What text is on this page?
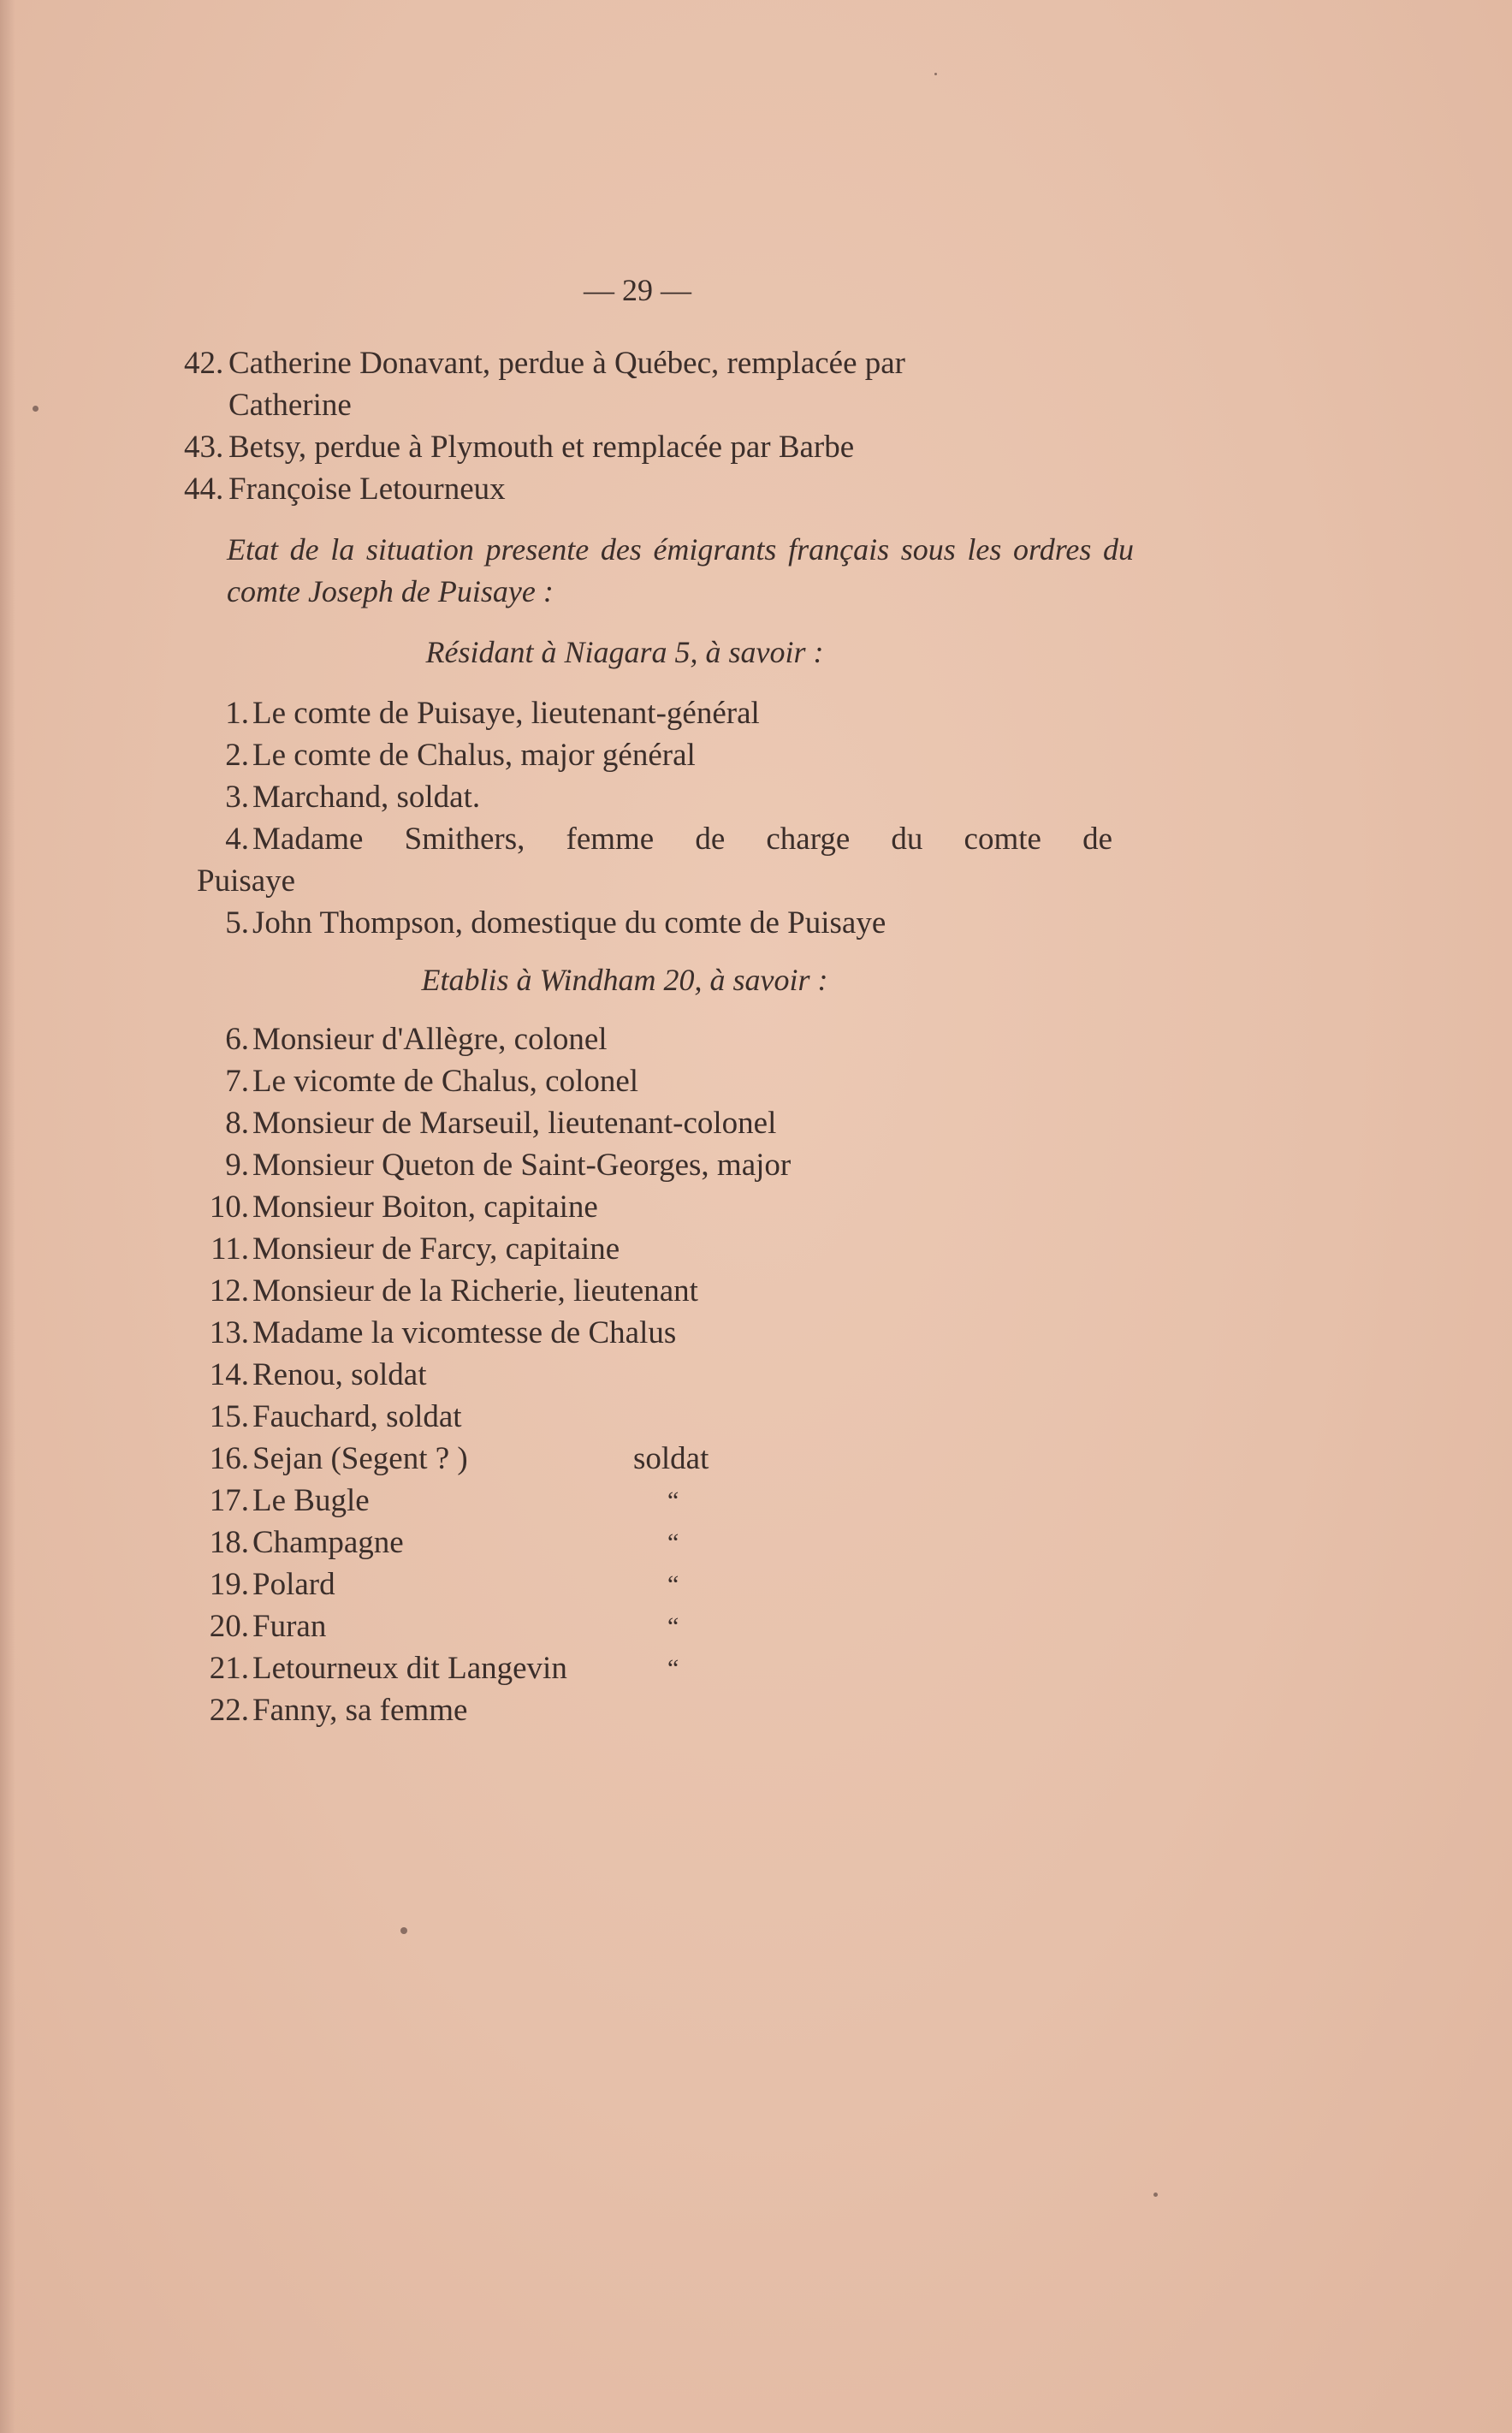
— 29 —
42. Catherine Donavant, perdue à Québec, remplacée par
Catherine
43. Betsy, perdue à Plymouth et remplacée par Barbe
44. Françoise Letourneux
Etat de la situation presente des émigrants français sous les ordres du comte Joseph de Puisaye :
Résidant à Niagara 5, à savoir :
1. Le comte de Puisaye, lieutenant-général
2. Le comte de Chalus, major général
3. Marchand, soldat.
4. Madame Smithers, femme de charge du comte de
Puisaye
5. John Thompson, domestique du comte de Puisaye
Etablis à Windham 20, à savoir :
6. Monsieur d'Allègre, colonel
7. Le vicomte de Chalus, colonel
8. Monsieur de Marseuil, lieutenant-colonel
9. Monsieur Queton de Saint-Georges, major
10. Monsieur Boiton, capitaine
11. Monsieur de Farcy, capitaine
12. Monsieur de la Richerie, lieutenant
13. Madame la vicomtesse de Chalus
14. Renou, soldat
15. Fauchard, soldat
16. Sejan (Segent ? )	soldat
17. Le Bugle	“
18. Champagne	“
19. Polard	“
20. Furan	“
21. Letourneux dit Langevin	“
22. Fanny, sa femme
